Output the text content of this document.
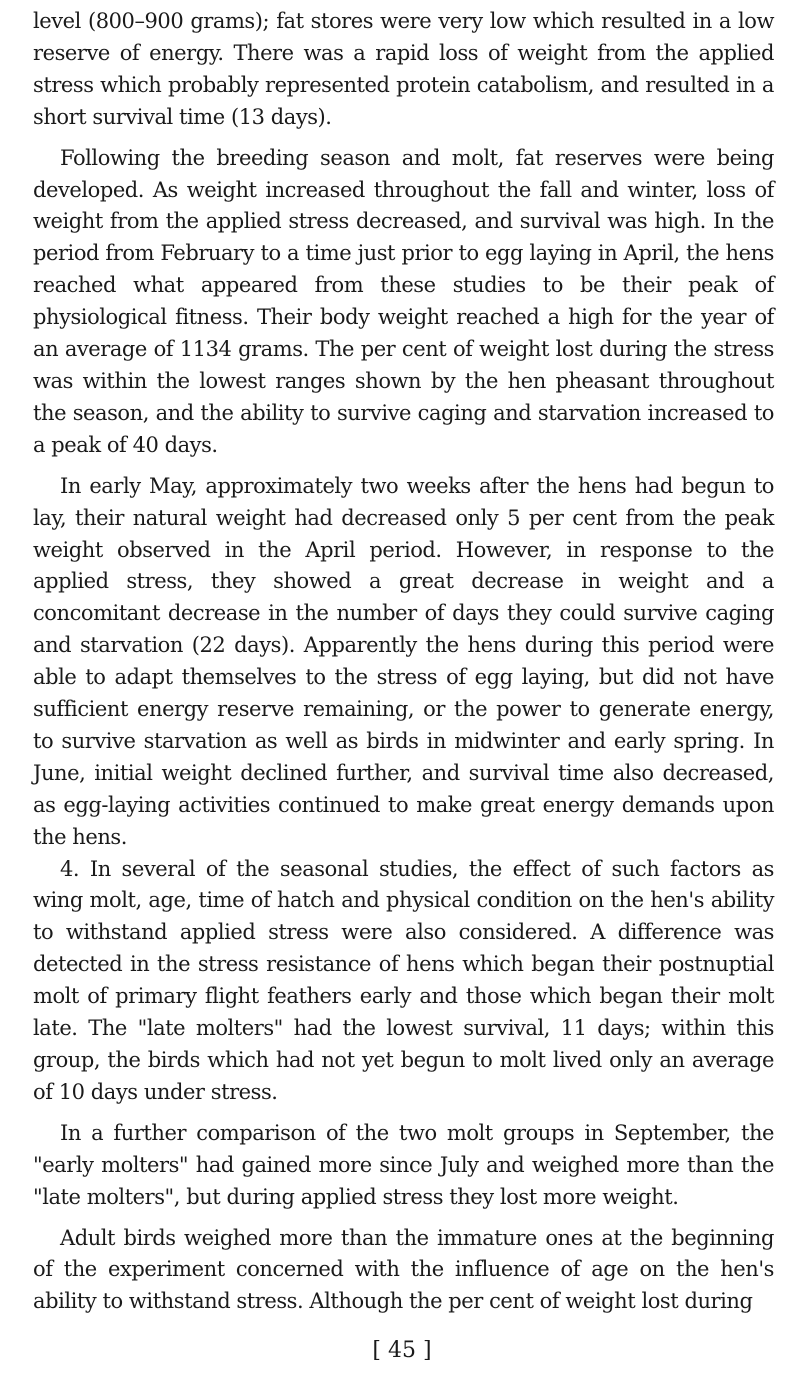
level (800–900 grams); fat stores were very low which resulted in a low reserve of energy. There was a rapid loss of weight from the applied stress which probably represented protein catabolism, and resulted in a short survival time (13 days).

Following the breeding season and molt, fat reserves were being developed. As weight increased throughout the fall and winter, loss of weight from the applied stress decreased, and survival was high. In the period from February to a time just prior to egg laying in April, the hens reached what appeared from these studies to be their peak of physiological fitness. Their body weight reached a high for the year of an average of 1134 grams. The per cent of weight lost during the stress was within the lowest ranges shown by the hen pheasant throughout the season, and the ability to survive caging and starvation increased to a peak of 40 days.

In early May, approximately two weeks after the hens had begun to lay, their natural weight had decreased only 5 per cent from the peak weight observed in the April period. However, in response to the applied stress, they showed a great decrease in weight and a concomitant decrease in the number of days they could survive caging and starvation (22 days). Apparently the hens during this period were able to adapt themselves to the stress of egg laying, but did not have sufficient energy reserve remaining, or the power to generate energy, to survive starvation as well as birds in midwinter and early spring. In June, initial weight declined further, and survival time also decreased, as egg-laying activities continued to make great energy demands upon the hens.

4. In several of the seasonal studies, the effect of such factors as wing molt, age, time of hatch and physical condition on the hen's ability to withstand applied stress were also considered. A difference was detected in the stress resistance of hens which began their postnuptial molt of primary flight feathers early and those which began their molt late. The "late molters" had the lowest survival, 11 days; within this group, the birds which had not yet begun to molt lived only an average of 10 days under stress.

In a further comparison of the two molt groups in September, the "early molters" had gained more since July and weighed more than the "late molters", but during applied stress they lost more weight.

Adult birds weighed more than the immature ones at the beginning of the experiment concerned with the influence of age on the hen's ability to withstand stress. Although the per cent of weight lost during

[ 45 ]
